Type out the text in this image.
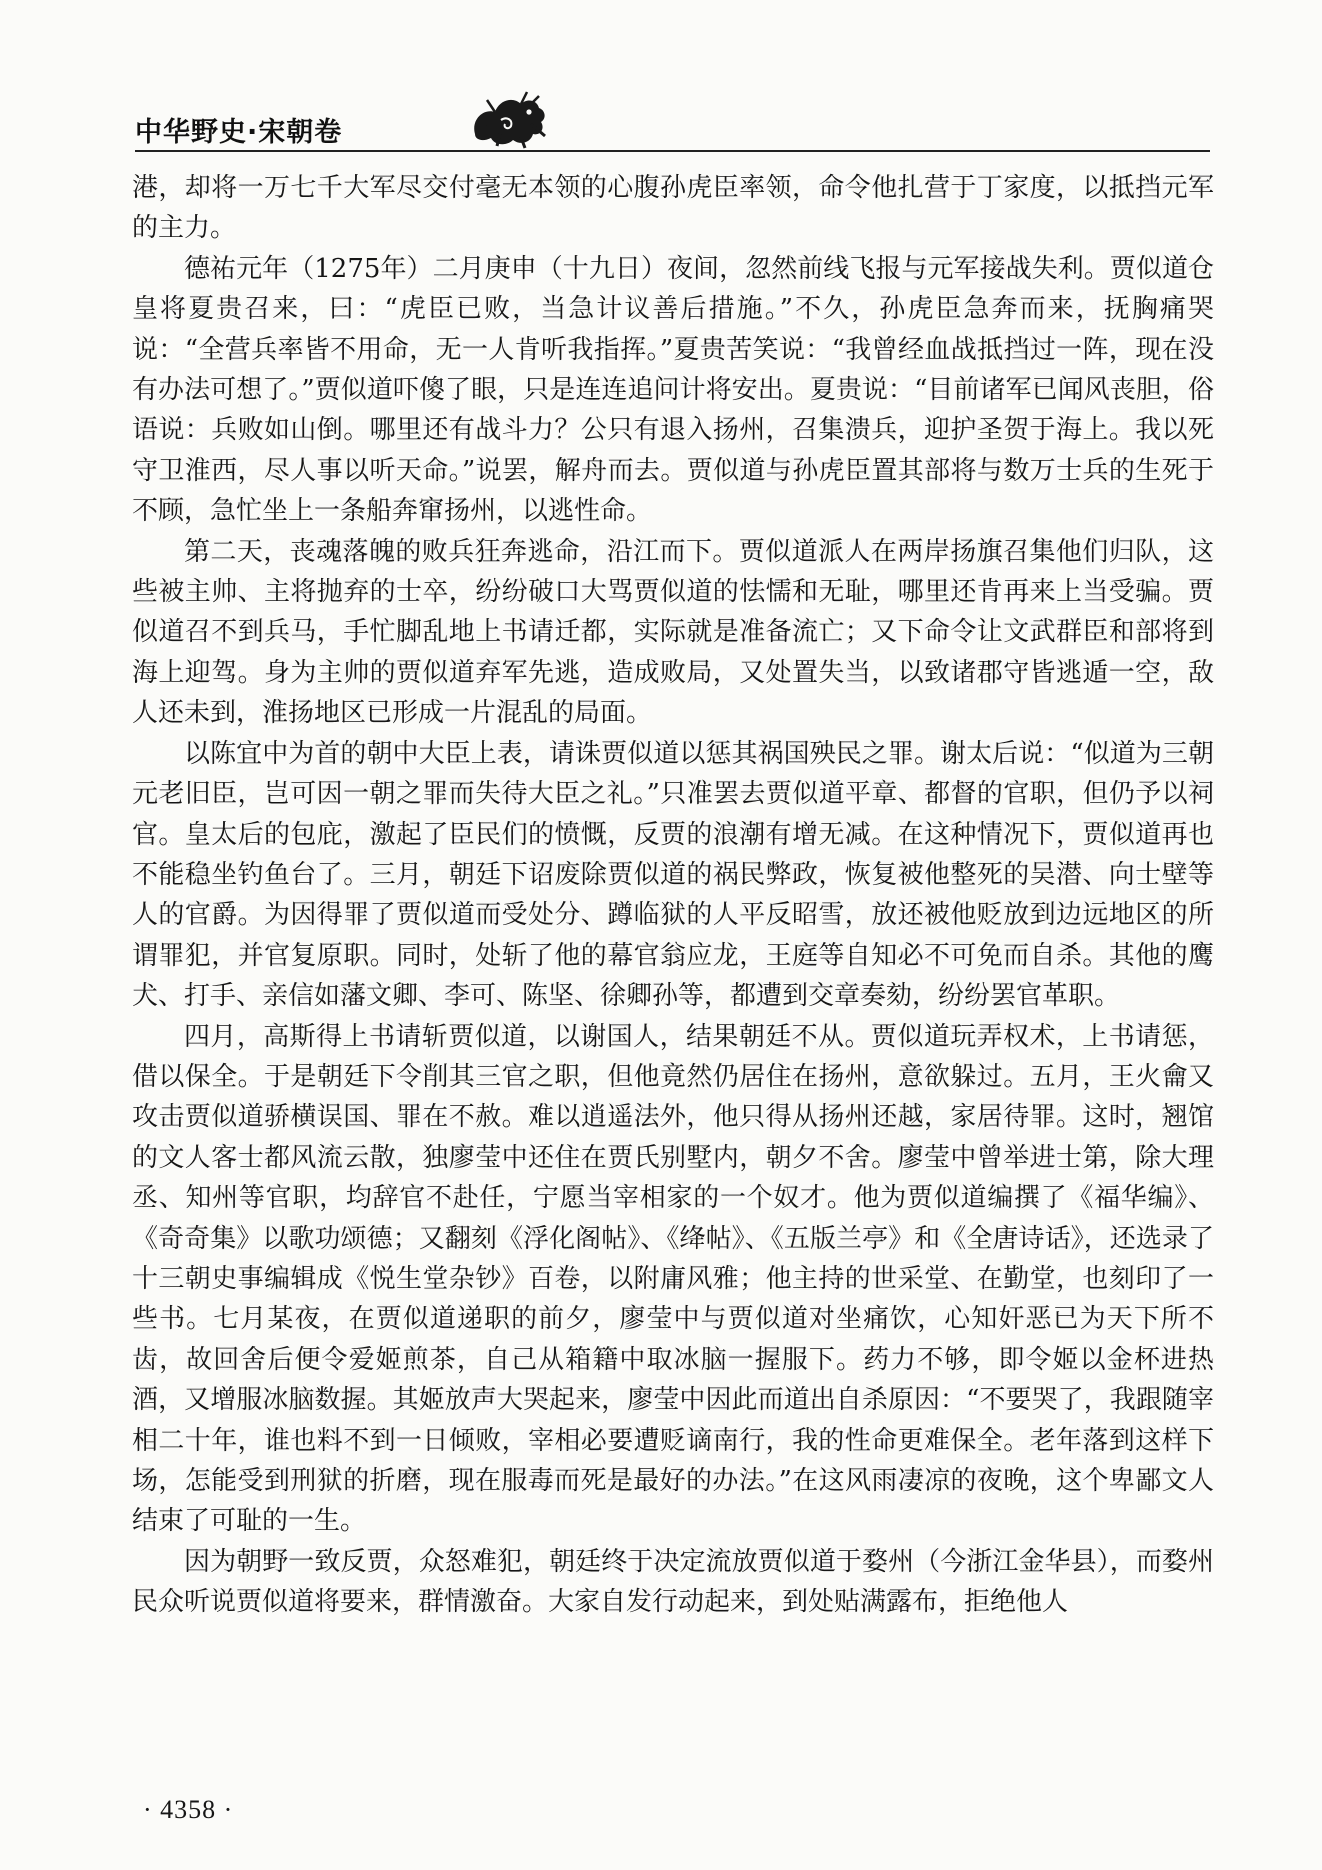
中华野史·宋朝卷

港，却将一万七千大军尽交付毫无本领的心腹孙虎臣率领，命令他扎营于丁家度，以抵挡元军的主力。

德祐元年（1275年）二月庚申（十九日）夜间，忽然前线飞报与元军接战失利。贾似道仓皇将夏贵召来，曰：“虎臣已败，当急计议善后措施。”不久，孙虎臣急奔而来，抚胸痛哭说：“全营兵率皆不用命，无一人肯听我指挥。”夏贵苦笑说：“我曾经血战抵挡过一阵，现在没有办法可想了。”贾似道吓傻了眼，只是连连追问计将安出。夏贵说：“目前诸军已闻风丧胆，俗语说：兵败如山倒。哪里还有战斗力？公只有退入扬州，召集溃兵，迎护圣贺于海上。我以死守卫淮西，尽人事以听天命。”说罢，解舟而去。贾似道与孙虎臣置其部将与数万士兵的生死于不顾，急忙坐上一条船奔窜扬州，以逃性命。

第二天，丧魂落魄的败兵狂奔逃命，沿江而下。贾似道派人在两岸扬旗召集他们归队，这些被主帅、主将抛弃的士卒，纷纷破口大骂贾似道的怯懦和无耻，哪里还肯再来上当受骗。贾似道召不到兵马，手忙脚乱地上书请迁都，实际就是准备流亡；又下命令让文武群臣和部将到海上迎驾。身为主帅的贾似道弃军先逃，造成败局，又处置失当，以致诸郡守皆逃遁一空，敌人还未到，淮扬地区已形成一片混乱的局面。

以陈宜中为首的朝中大臣上表，请诛贾似道以惩其祸国殃民之罪。谢太后说：“似道为三朝元老旧臣，岂可因一朝之罪而失待大臣之礼。”只准罢去贾似道平章、都督的官职，但仍予以祠官。皇太后的包庇，激起了臣民们的愤慨，反贾的浪潮有增无减。在这种情况下，贾似道再也不能稳坐钓鱼台了。三月，朝廷下诏废除贾似道的祸民弊政，恢复被他整死的吴潜、向士壁等人的官爵。为因得罪了贾似道而受处分、蹲临狱的人平反昭雪，放还被他贬放到边远地区的所谓罪犯，并官复原职。同时，处斩了他的幕官翁应龙，王庭等自知必不可免而自杀。其他的鹰犬、打手、亲信如藩文卿、李可、陈坚、徐卿孙等，都遭到交章奏劾，纷纷罢官革职。

四月，高斯得上书请斩贾似道，以谢国人，结果朝廷不从。贾似道玩弄权术，上书请惩，借以保全。于是朝廷下令削其三官之职，但他竟然仍居住在扬州，意欲躲过。五月，王火龠又攻击贾似道骄横误国、罪在不赦。难以逍遥法外，他只得从扬州还越，家居待罪。这时，翘馆的文人客士都风流云散，独廖莹中还住在贾氏别墅内，朝夕不舍。廖莹中曾举进士第，除大理丞、知州等官职，均辞官不赴任，宁愿当宰相家的一个奴才。他为贾似道编撰了《福华编》、《奇奇集》以歌功颂德；又翻刻《浮化阁帖》、《绛帖》、《五版兰亭》和《全唐诗话》，还选录了十三朝史事编辑成《悦生堂杂钞》百卷，以附庸风雅；他主持的世采堂、在勤堂，也刻印了一些书。七月某夜，在贾似道递职的前夕，廖莹中与贾似道对坐痛饮，心知奸恶已为天下所不齿，故回舍后便令爱姬煎茶，自己从箱籍中取冰脑一握服下。药力不够，即令姬以金杯进热酒，又增服冰脑数握。其姬放声大哭起来，廖莹中因此而道出自杀原因：“不要哭了，我跟随宰相二十年，谁也料不到一日倾败，宰相必要遭贬谪南行，我的性命更难保全。老年落到这样下场，怎能受到刑狱的折磨，现在服毒而死是最好的办法。”在这风雨凄凉的夜晚，这个卑鄙文人结束了可耻的一生。

因为朝野一致反贾，众怒难犯，朝廷终于决定流放贾似道于婺州（今浙江金华县），而婺州民众听说贾似道将要来，群情激奋。大家自发行动起来，到处贴满露布，拒绝他人

· 4358 ·
